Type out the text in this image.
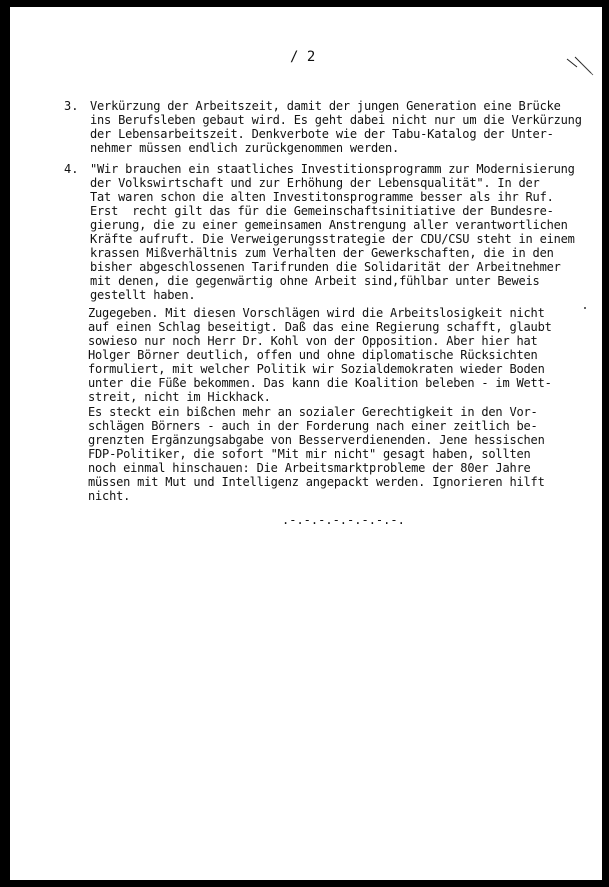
/ 2
3. Verkürzung der Arbeitszeit, damit der jungen Generation eine Brücke
ins Berufsleben gebaut wird. Es geht dabei nicht nur um die Verkürzung
der Lebensarbeitszeit. Denkverbote wie der Tabu-Katalog der Unter-
nehmer müssen endlich zurückgenommen werden.
4. "Wir brauchen ein staatliches Investitionsprogramm zur Modernisierung
der Volkswirtschaft und zur Erhöhung der Lebensqualität". In der
Tat waren schon die alten Investitonsprogramme besser als ihr Ruf.
Erst  recht gilt das für die Gemeinschaftsinitiative der Bundesre-
gierung, die zu einer gemeinsamen Anstrengung aller verantwortlichen
Kräfte aufruft. Die Verweigerungsstrategie der CDU/CSU steht in einem
krassen Mißverhältnis zum Verhalten der Gewerkschaften, die in den
bisher abgeschlossenen Tarifrunden die Solidarität der Arbeitnehmer
mit denen, die gegenwärtig ohne Arbeit sind,fühlbar unter Beweis
gestellt haben.
Zugegeben. Mit diesen Vorschlägen wird die Arbeitslosigkeit nicht
auf einen Schlag beseitigt. Daß das eine Regierung schafft, glaubt
sowieso nur noch Herr Dr. Kohl von der Opposition. Aber hier hat
Holger Börner deutlich, offen und ohne diplomatische Rücksichten
formuliert, mit welcher Politik wir Sozialdemokraten wieder Boden
unter die Füße bekommen. Das kann die Koalition beleben - im Wett-
streit, nicht im Hickhack.
Es steckt ein bißchen mehr an sozialer Gerechtigkeit in den Vor-
schlägen Börners - auch in der Forderung nach einer zeitlich be-
grenzten Ergänzungsabgabe von Besserverdienenden. Jene hessischen
FDP-Politiker, die sofort "Mit mir nicht" gesagt haben, sollten
noch einmal hinschauen: Die Arbeitsmarktprobleme der 80er Jahre
müssen mit Mut und Intelligenz angepackt werden. Ignorieren hilft
nicht.
.-.-.-.-.-.-.-.-.
